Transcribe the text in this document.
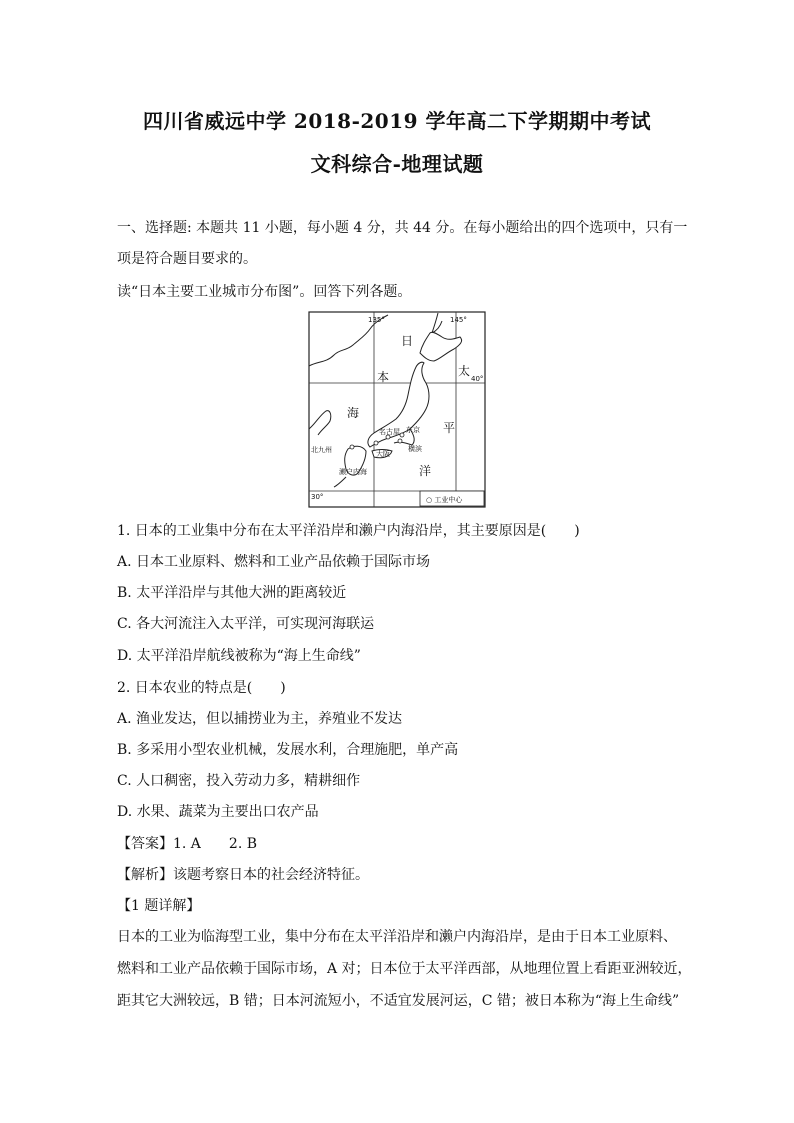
四川省威远中学 2018-2019 学年高二下学期期中考试
文科综合-地理试题
一、选择题: 本题共 11 小题，每小题 4 分，共 44 分。在每小题给出的四个选项中，只有一
项是符合题目要求的。
读“日本主要工业城市分布图”。回答下列各题。
135°	145°
40°
30°
日
本
海
太
平
洋
东京
名古屋
横滨
大阪
北九州
濑户内海
○ 工业中心
1. 日本的工业集中分布在太平洋沿岸和濑户内海沿岸，其主要原因是(　　)
A. 日本工业原料、燃料和工业产品依赖于国际市场
B. 太平洋沿岸与其他大洲的距离较近
C. 各大河流注入太平洋，可实现河海联运
D. 太平洋沿岸航线被称为“海上生命线”
2. 日本农业的特点是(　　)
A. 渔业发达，但以捕捞业为主，养殖业不发达
B. 多采用小型农业机械，发展水利，合理施肥，单产高
C. 人口稠密，投入劳动力多，精耕细作
D. 水果、蔬菜为主要出口农产品
【答案】1. A　　2. B
【解析】该题考察日本的社会经济特征。
【1 题详解】
日本的工业为临海型工业，集中分布在太平洋沿岸和濑户内海沿岸，是由于日本工业原料、
燃料和工业产品依赖于国际市场，A 对；日本位于太平洋西部，从地理位置上看距亚洲较近，
距其它大洲较远，B 错；日本河流短小，不适宜发展河运，C 错；被日本称为“海上生命线”
